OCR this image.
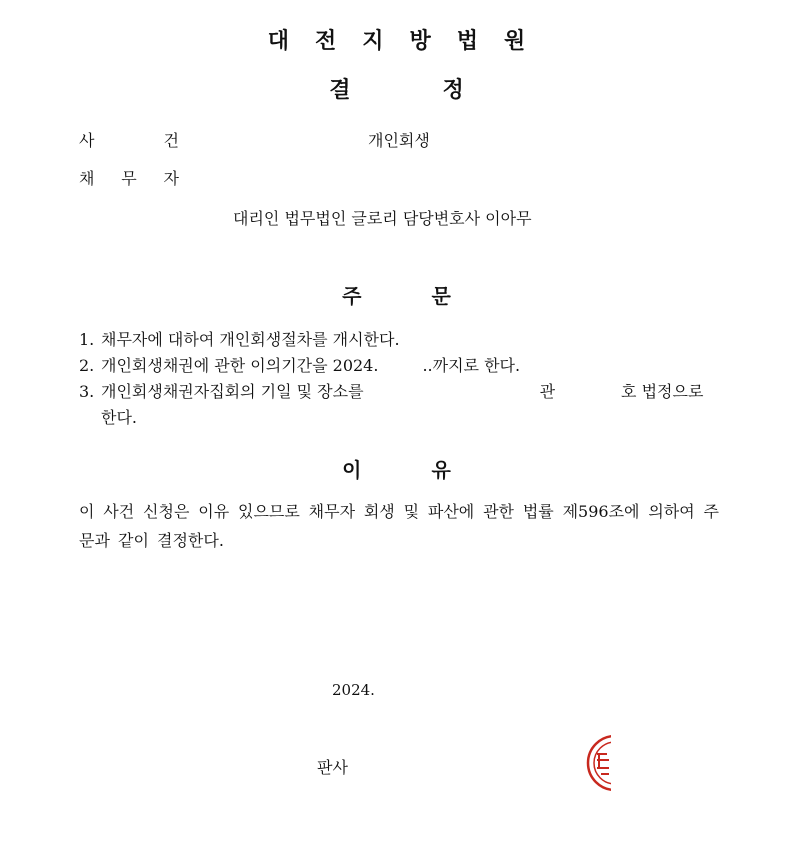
대전지방법원
결	정
사	건	개인회생
채 무 자
대리인 법무법인 글로리 담당변호사 이아무
주	문
1. 채무자에 대하여 개인회생절차를 개시한다.
2. 개인회생채권에 관한 이의기간을 2024.	..까지로 한다.
3. 개인회생채권자집회의 기일 및 장소를	관	호 법정으로
한다.
이	유
이 사건 신청은 이유 있으므로 채무자 회생 및 파산에 관한 법률 제596조에 의하여 주문과 같이 결정한다.
2024.
판사
